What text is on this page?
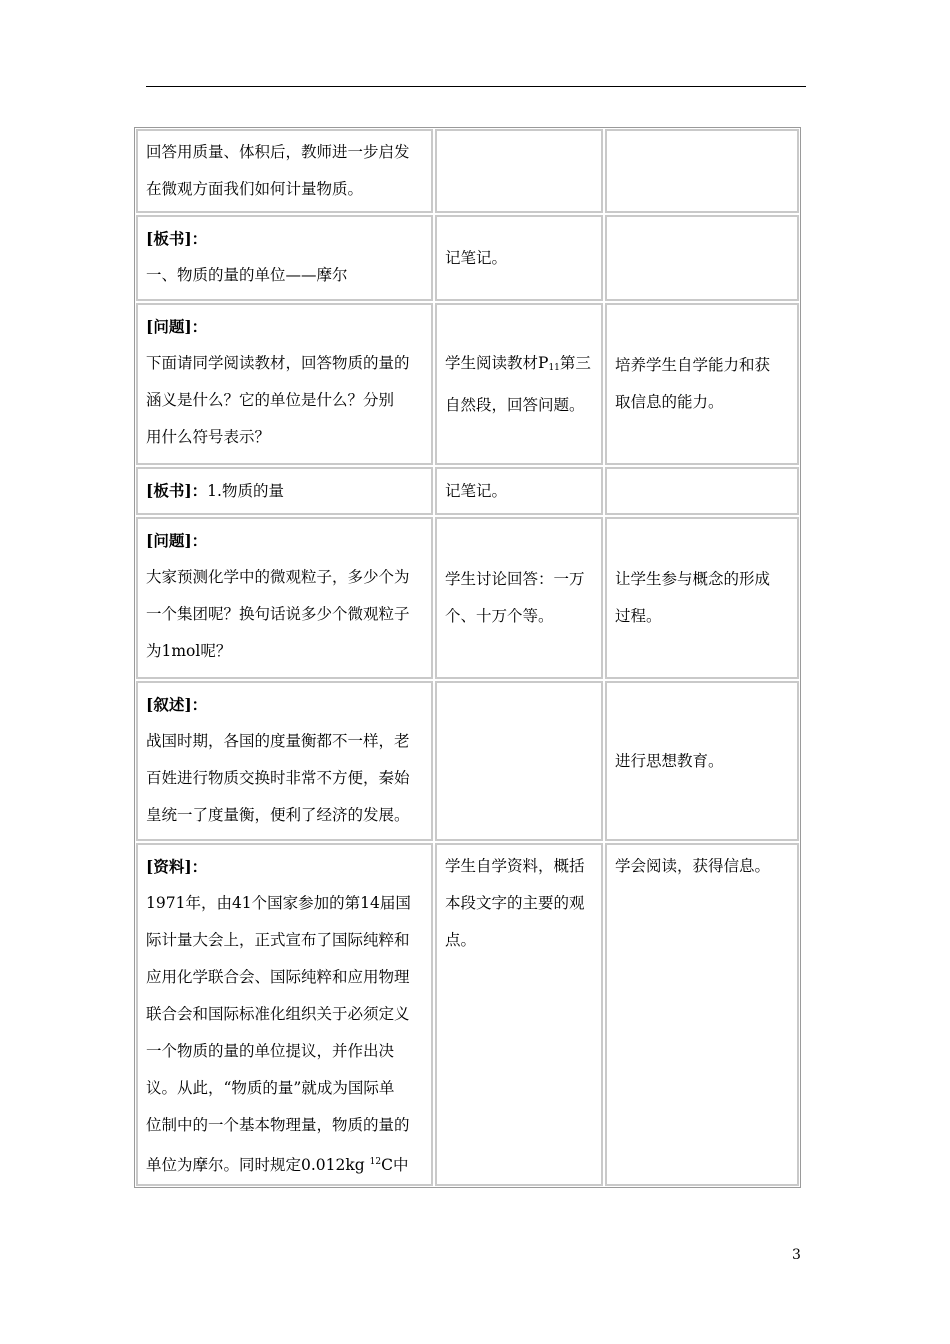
回答用质量、体积后，教师进一步启发
在微观方面我们如何计量物质。
[板书]：
一、物质的量的单位——摩尔
记笔记。
[问题]：
下面请同学阅读教材，回答物质的量的
涵义是什么？它的单位是什么？分别
用什么符号表示？
学生阅读教材$P_{11}$第三
自然段，回答问题。
培养学生自学能力和获
取信息的能力。
[板书]：1.物质的量	记笔记。
[问题]：
大家预测化学中的微观粒子，多少个为
一个集团呢？换句话说多少个微观粒子
为1mol呢？
学生讨论回答：一万
个、十万个等。
让学生参与概念的形成
过程。
[叙述]：
战国时期，各国的度量衡都不一样，老
百姓进行物质交换时非常不方便，秦始
皇统一了度量衡，便利了经济的发展。
进行思想教育。
[资料]：
1971年，由41个国家参加的第14届国
际计量大会上，正式宣布了国际纯粹和
应用化学联合会、国际纯粹和应用物理
联合会和国际标准化组织关于必须定义
一个物质的量的单位提议，并作出决
议。从此，“物质的量”就成为国际单
位制中的一个基本物理量，物质的量的
单位为摩尔。同时规定0.012kg $^{12}$C中
学生自学资料，概括
本段文字的主要的观
点。
学会阅读，获得信息。
3
